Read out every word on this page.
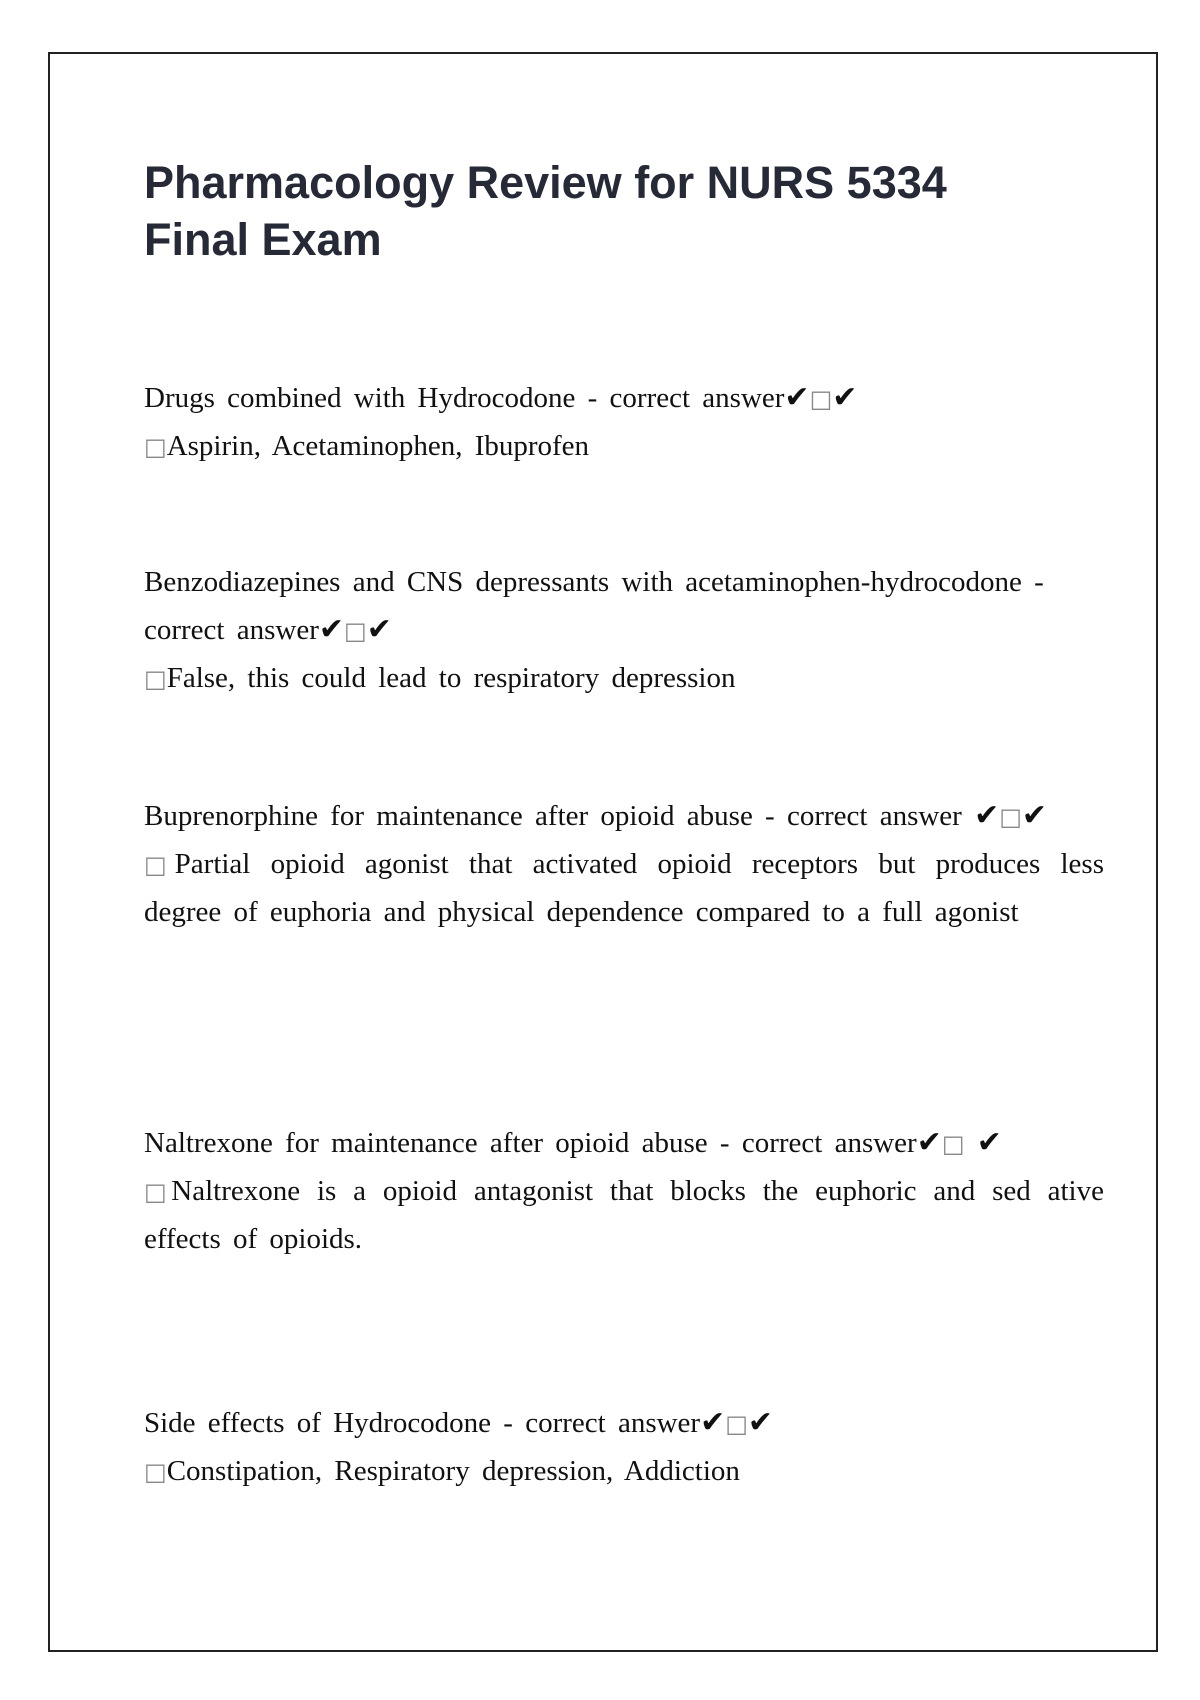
Pharmacology Review for NURS 5334 Final Exam

Drugs combined with Hydrocodone - correct answer✔□✔

□Aspirin, Acetaminophen, Ibuprofen

Benzodiazepines and CNS depressants with acetaminophen-hydrocodone - correct answer✔□✔

□False, this could lead to respiratory depression

Buprenorphine for maintenance after opioid abuse - correct answer ✔□✔

□Partial opioid agonist that activated opioid receptors but produces less degree of euphoria and physical dependence compared to a full agonist

Naltrexone for maintenance after opioid abuse - correct answer✔□ ✔

□Naltrexone is a opioid antagonist that blocks the euphoric and sed ative effects of opioids.

Side effects of Hydrocodone - correct answer✔□✔

□Constipation, Respiratory depression, Addiction
